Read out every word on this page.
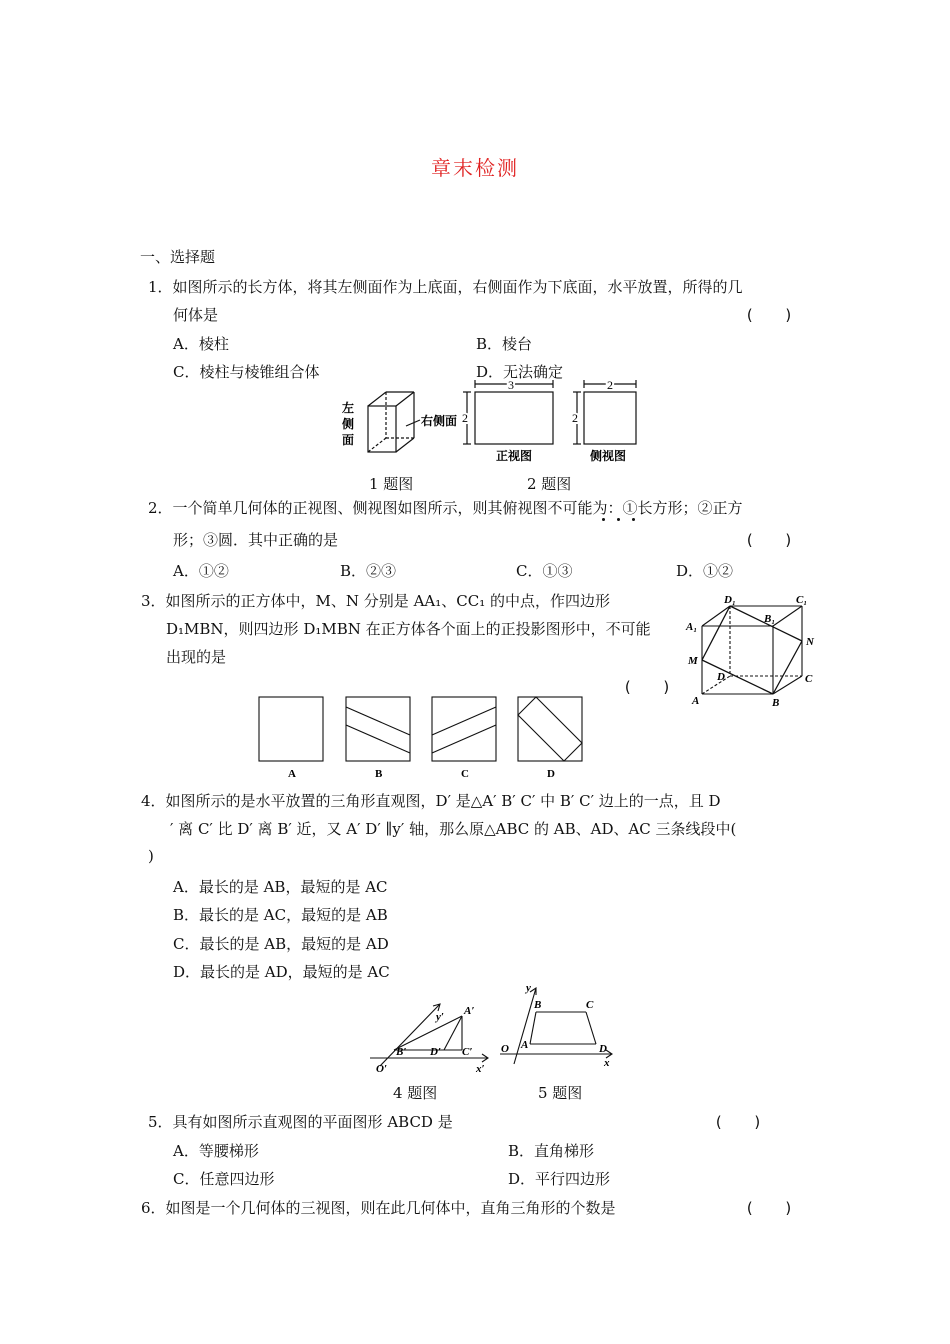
章末检测
一、选择题
1．如图所示的长方体，将其左侧面作为上底面，右侧面作为下底面，水平放置，所得的几
何体是	(　　)
A．棱柱	B．棱台
C．棱柱与棱锥组合体	D．无法确定
左
侧
面
右侧面
3
2
2
2
正视图	侧视图
1 题图	2 题图
2．一个简单几何体的正视图、侧视图如图所示，则其俯视图不可能为：①长方形；②正方
形；③圆．其中正确的是	(　　)
A．①②	B．②③	C．①③	D．①②
3．如图所示的正方体中，M、N 分别是 AA₁、CC₁ 的中点，作四边形
D₁MBN，则四边形 D₁MBN 在正方体各个面上的正投影图形中，不可能
出现的是
(　　)
D₁	C₁
B₁
A₁
N
M
D	C
A	B
A	B	C	D
4．如图所示的是水平放置的三角形直观图，D′ 是△A′ B′ C′ 中 B′ C′ 边上的一点，且 D
′ 离 C′ 比 D′ 离 B′ 近，又 A′ D′ ∥y′ 轴，那么原△ABC 的 AB、AD、AC 三条线段中(
)
A．最长的是 AB，最短的是 AC
B．最长的是 AC，最短的是 AB
C．最长的是 AB，最短的是 AD
D．最长的是 AD，最短的是 AC
y′ A′
B′ D′ C′
O′	x′
y
B	C
O A	D
x
4 题图	5 题图
5．具有如图所示直观图的平面图形 ABCD 是	(　　)
A．等腰梯形	B．直角梯形
C．任意四边形	D．平行四边形
6．如图是一个几何体的三视图，则在此几何体中，直角三角形的个数是	(　　)
